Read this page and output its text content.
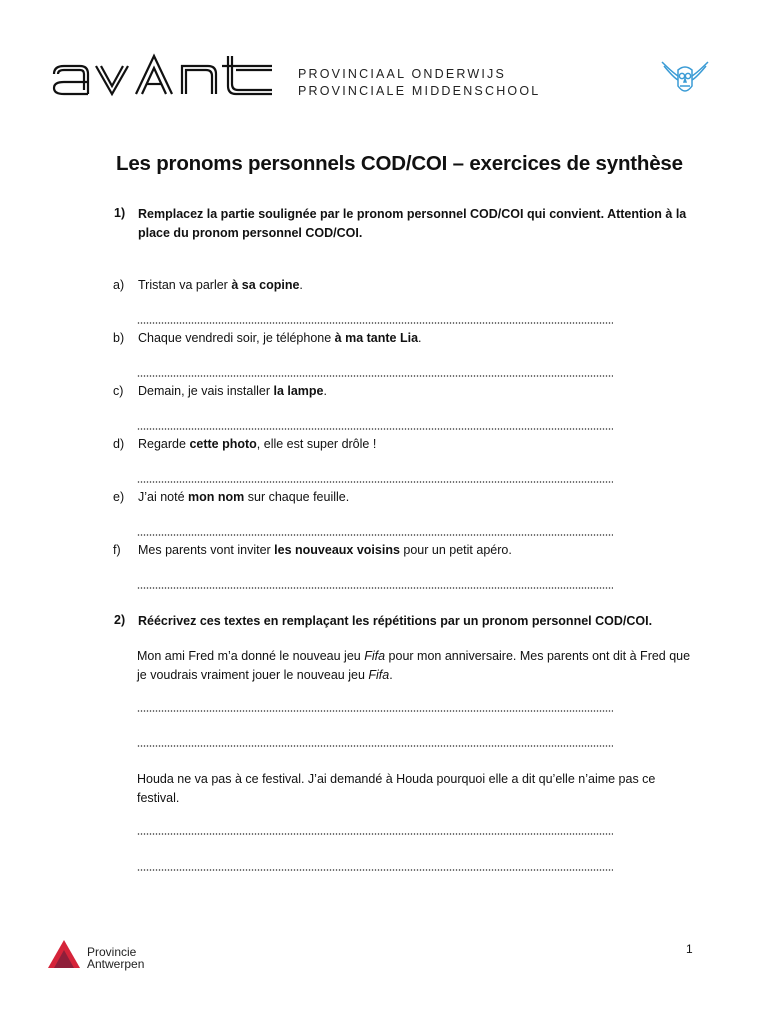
PROVINCIAAL ONDERWIJS
PROVINCIALE MIDDENSCHOOL
Les pronoms personnels COD/COI – exercices de synthèse
1) Remplacez la partie soulignée par le pronom personnel COD/COI qui convient. Attention à la place du pronom personnel COD/COI.
a) Tristan va parler à sa copine.
b) Chaque vendredi soir, je téléphone à ma tante Lia.
c) Demain, je vais installer la lampe.
d) Regarde cette photo, elle est super drôle !
e) J’ai noté mon nom sur chaque feuille.
f) Mes parents vont inviter les nouveaux voisins pour un petit apéro.
2) Réécrivez ces textes en remplaçant les répétitions par un pronom personnel COD/COI.
Mon ami Fred m’a donné le nouveau jeu Fifa pour mon anniversaire. Mes parents ont dit à Fred que je voudrais vraiment jouer le nouveau jeu Fifa.
Houda ne va pas à ce festival. J’ai demandé à Houda pourquoi elle a dit qu’elle n’aime pas ce festival.
Provincie
Antwerpen
1
